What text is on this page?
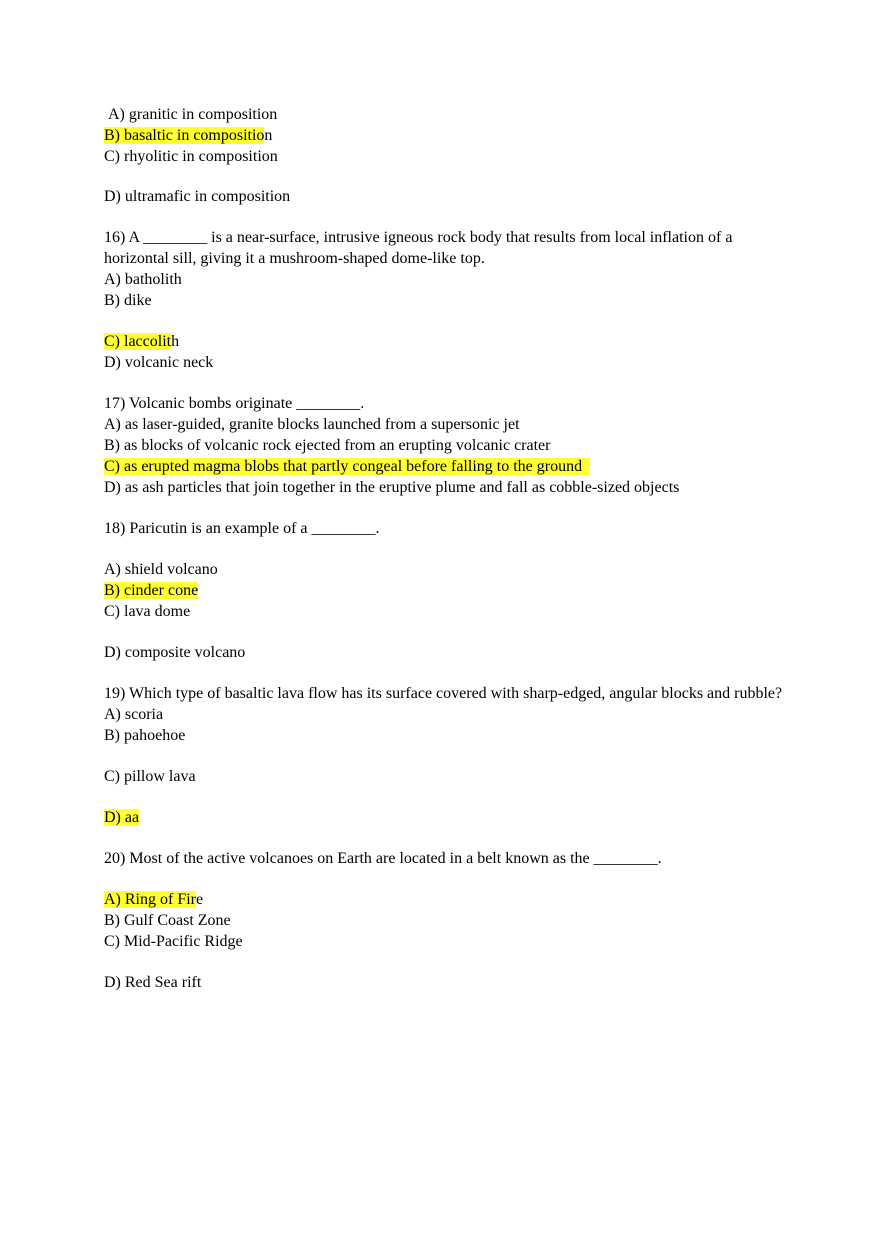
A) granitic in composition
B) basaltic in composition
C) rhyolitic in composition
D) ultramafic in composition
16) A ________ is a near-surface, intrusive igneous rock body that results from local inflation of a horizontal sill, giving it a mushroom-shaped dome-like top.
A) batholith
B) dike
C) laccolith
D) volcanic neck
17) Volcanic bombs originate ________.
A) as laser-guided, granite blocks launched from a supersonic jet
B) as blocks of volcanic rock ejected from an erupting volcanic crater
C) as erupted magma blobs that partly congeal before falling to the ground
D) as ash particles that join together in the eruptive plume and fall as cobble-sized objects
18) Paricutin is an example of a ________.
A) shield volcano
B) cinder cone
C) lava dome
D) composite volcano
19) Which type of basaltic lava flow has its surface covered with sharp-edged, angular blocks and rubble?
A) scoria
B) pahoehoe
C) pillow lava
D) aa
20) Most of the active volcanoes on Earth are located in a belt known as the ________.
A) Ring of Fire
B) Gulf Coast Zone
C) Mid-Pacific Ridge
D) Red Sea rift
